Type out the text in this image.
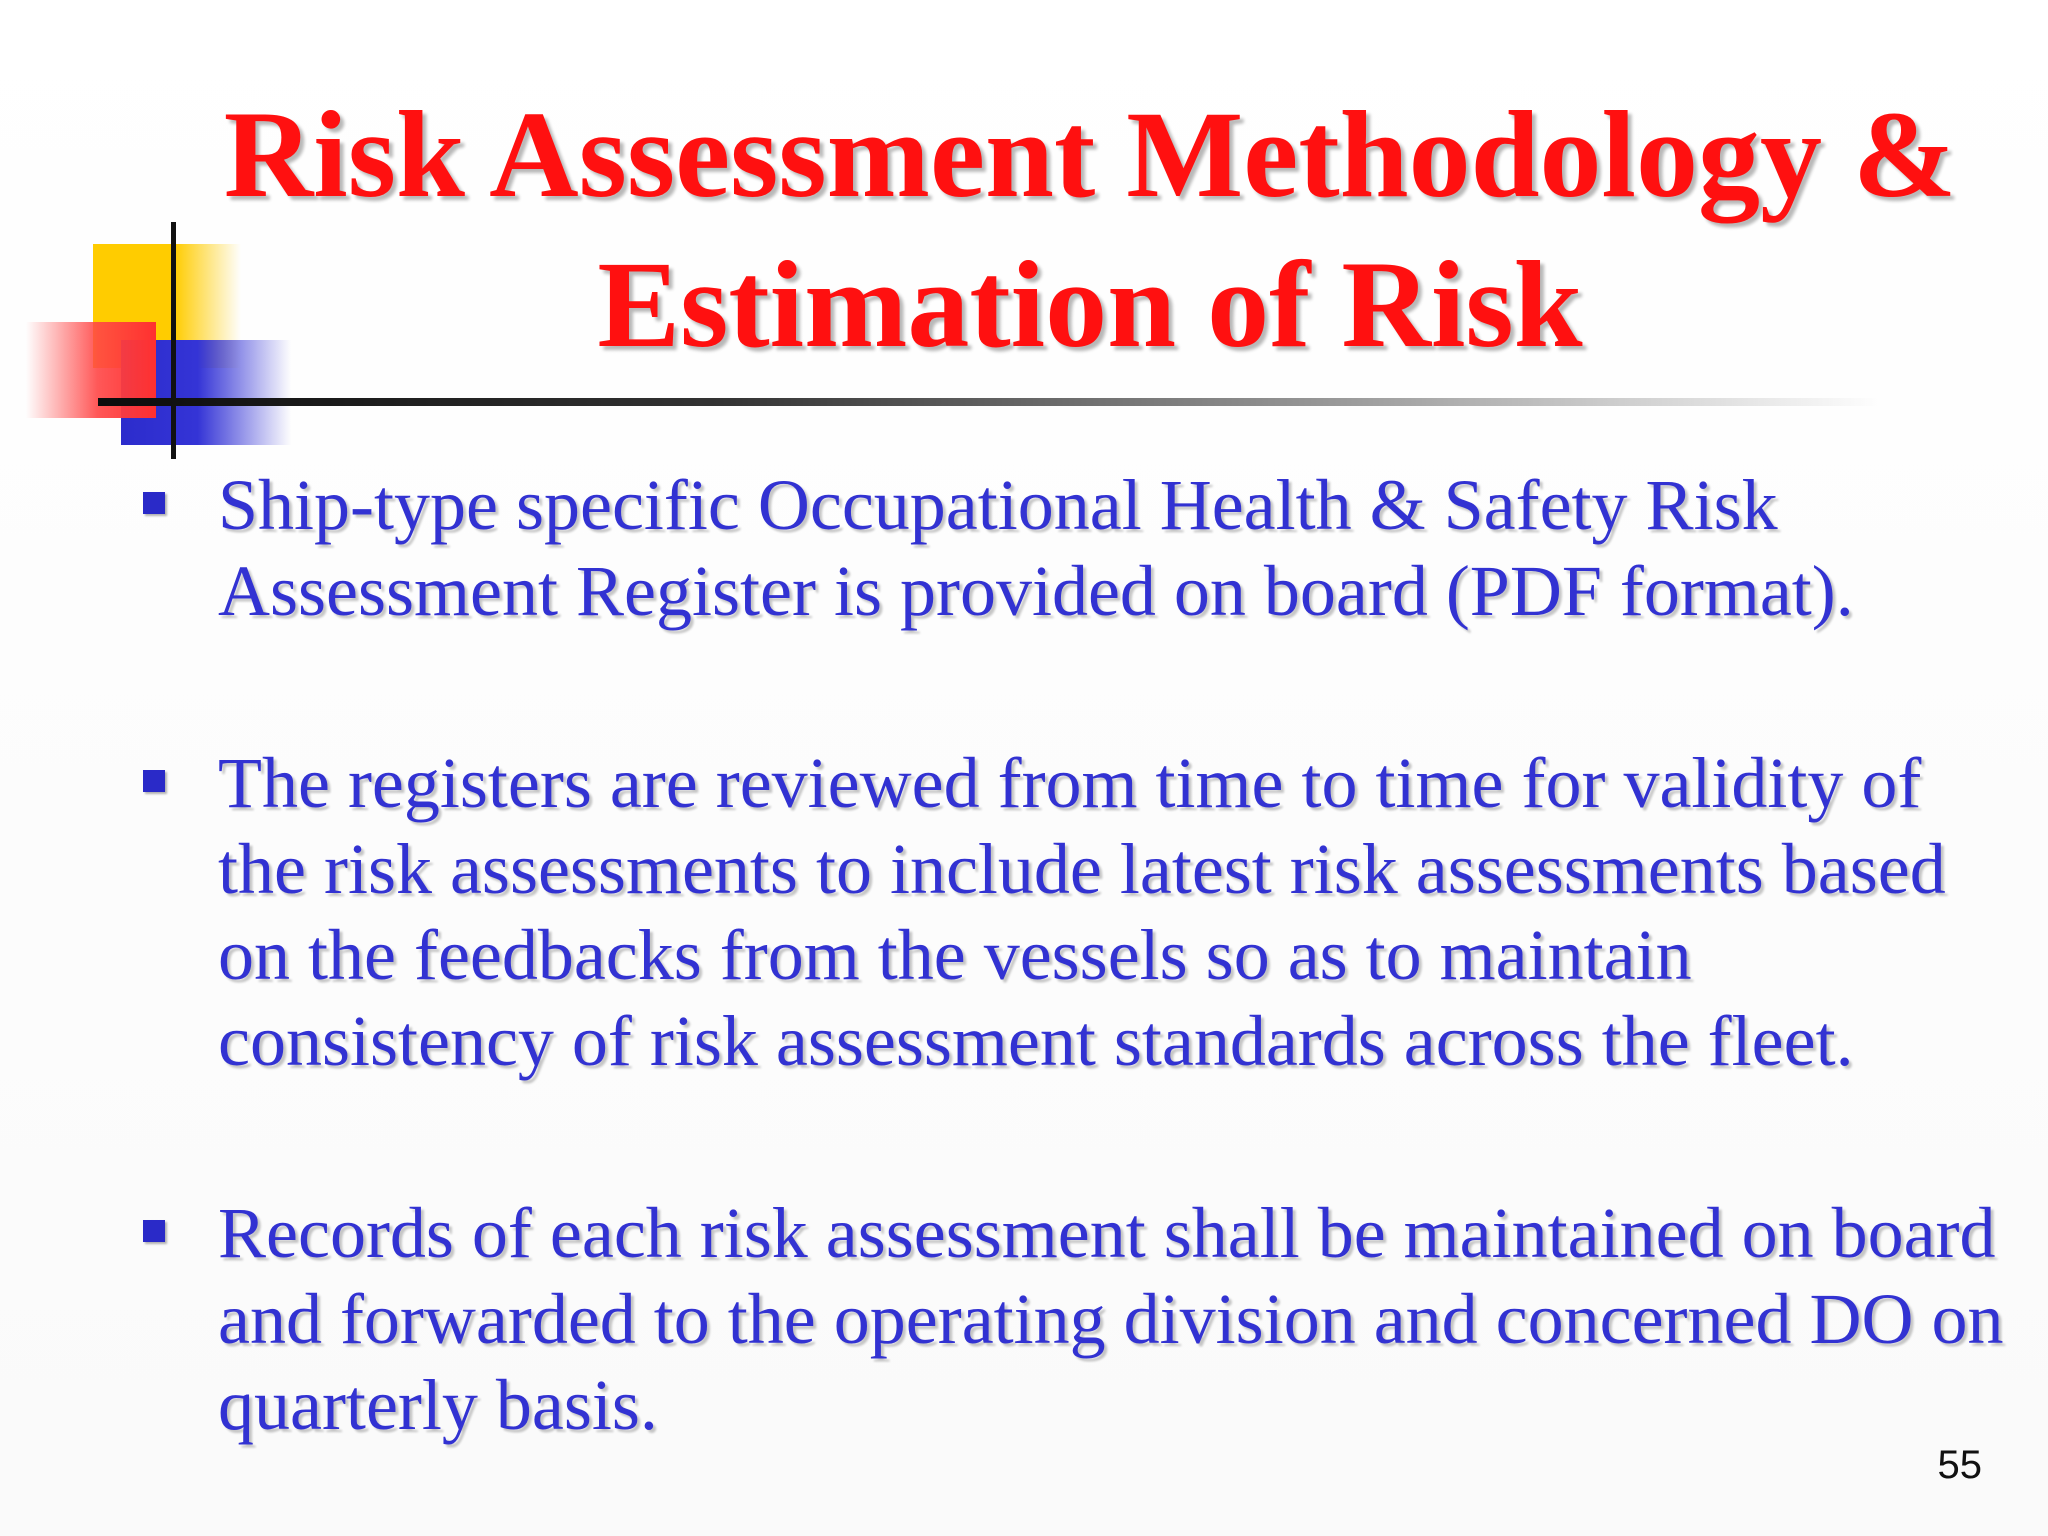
Risk Assessment Methodology & Estimation of Risk
Ship-type specific Occupational Health & Safety Risk Assessment Register is provided on board (PDF format).
The registers are reviewed from time to time for validity of the risk assessments to include latest risk assessments based on the feedbacks from the vessels so as to maintain consistency of risk assessment standards across the fleet.
Records of each risk assessment shall be maintained on board and forwarded to the operating division and concerned DO on quarterly basis.
55
